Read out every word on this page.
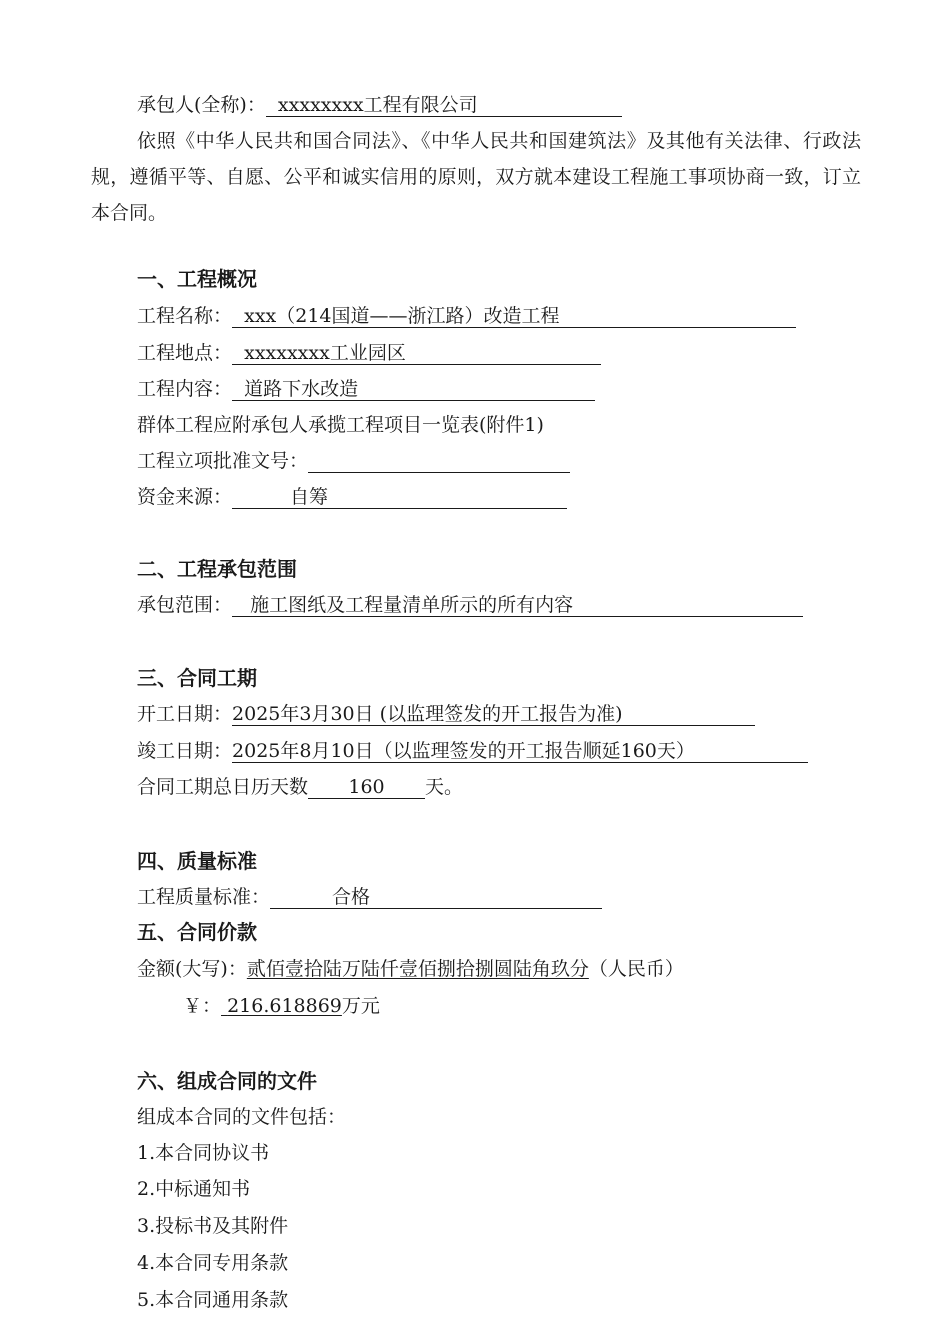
承包人(全称)： xxxxxxxx工程有限公司
依照《中华人民共和国合同法》、《中华人民共和国建筑法》及其他有关法律、行政法规，遵循平等、自愿、公平和诚实信用的原则，双方就本建设工程施工事项协商一致，订立本合同。
一、工程概况
工程名称： xxx（214国道——浙江路）改造工程
工程地点： xxxxxxxx工业园区
工程内容： 道路下水改造
群体工程应附承包人承揽工程项目一览表(附件1)
工程立项批准文号：
资金来源：	自筹
二、工程承包范围
承包范围： 施工图纸及工程量清单所示的所有内容
三、合同工期
开工日期：2025年3月30日 (以监理签发的开工报告为准)
竣工日期：2025年8月10日（以监理签发的开工报告顺延160天）
合同工期总日历天数 160 天。
四、质量标准
工程质量标准：	合格
五、合同价款
金额(大写)：贰佰壹拾陆万陆仟壹佰捌拾捌圆陆角玖分（人民币）
￥： 216.618869万元
六、组成合同的文件
组成本合同的文件包括：
1.本合同协议书
2.中标通知书
3.投标书及其附件
4.本合同专用条款
5.本合同通用条款
